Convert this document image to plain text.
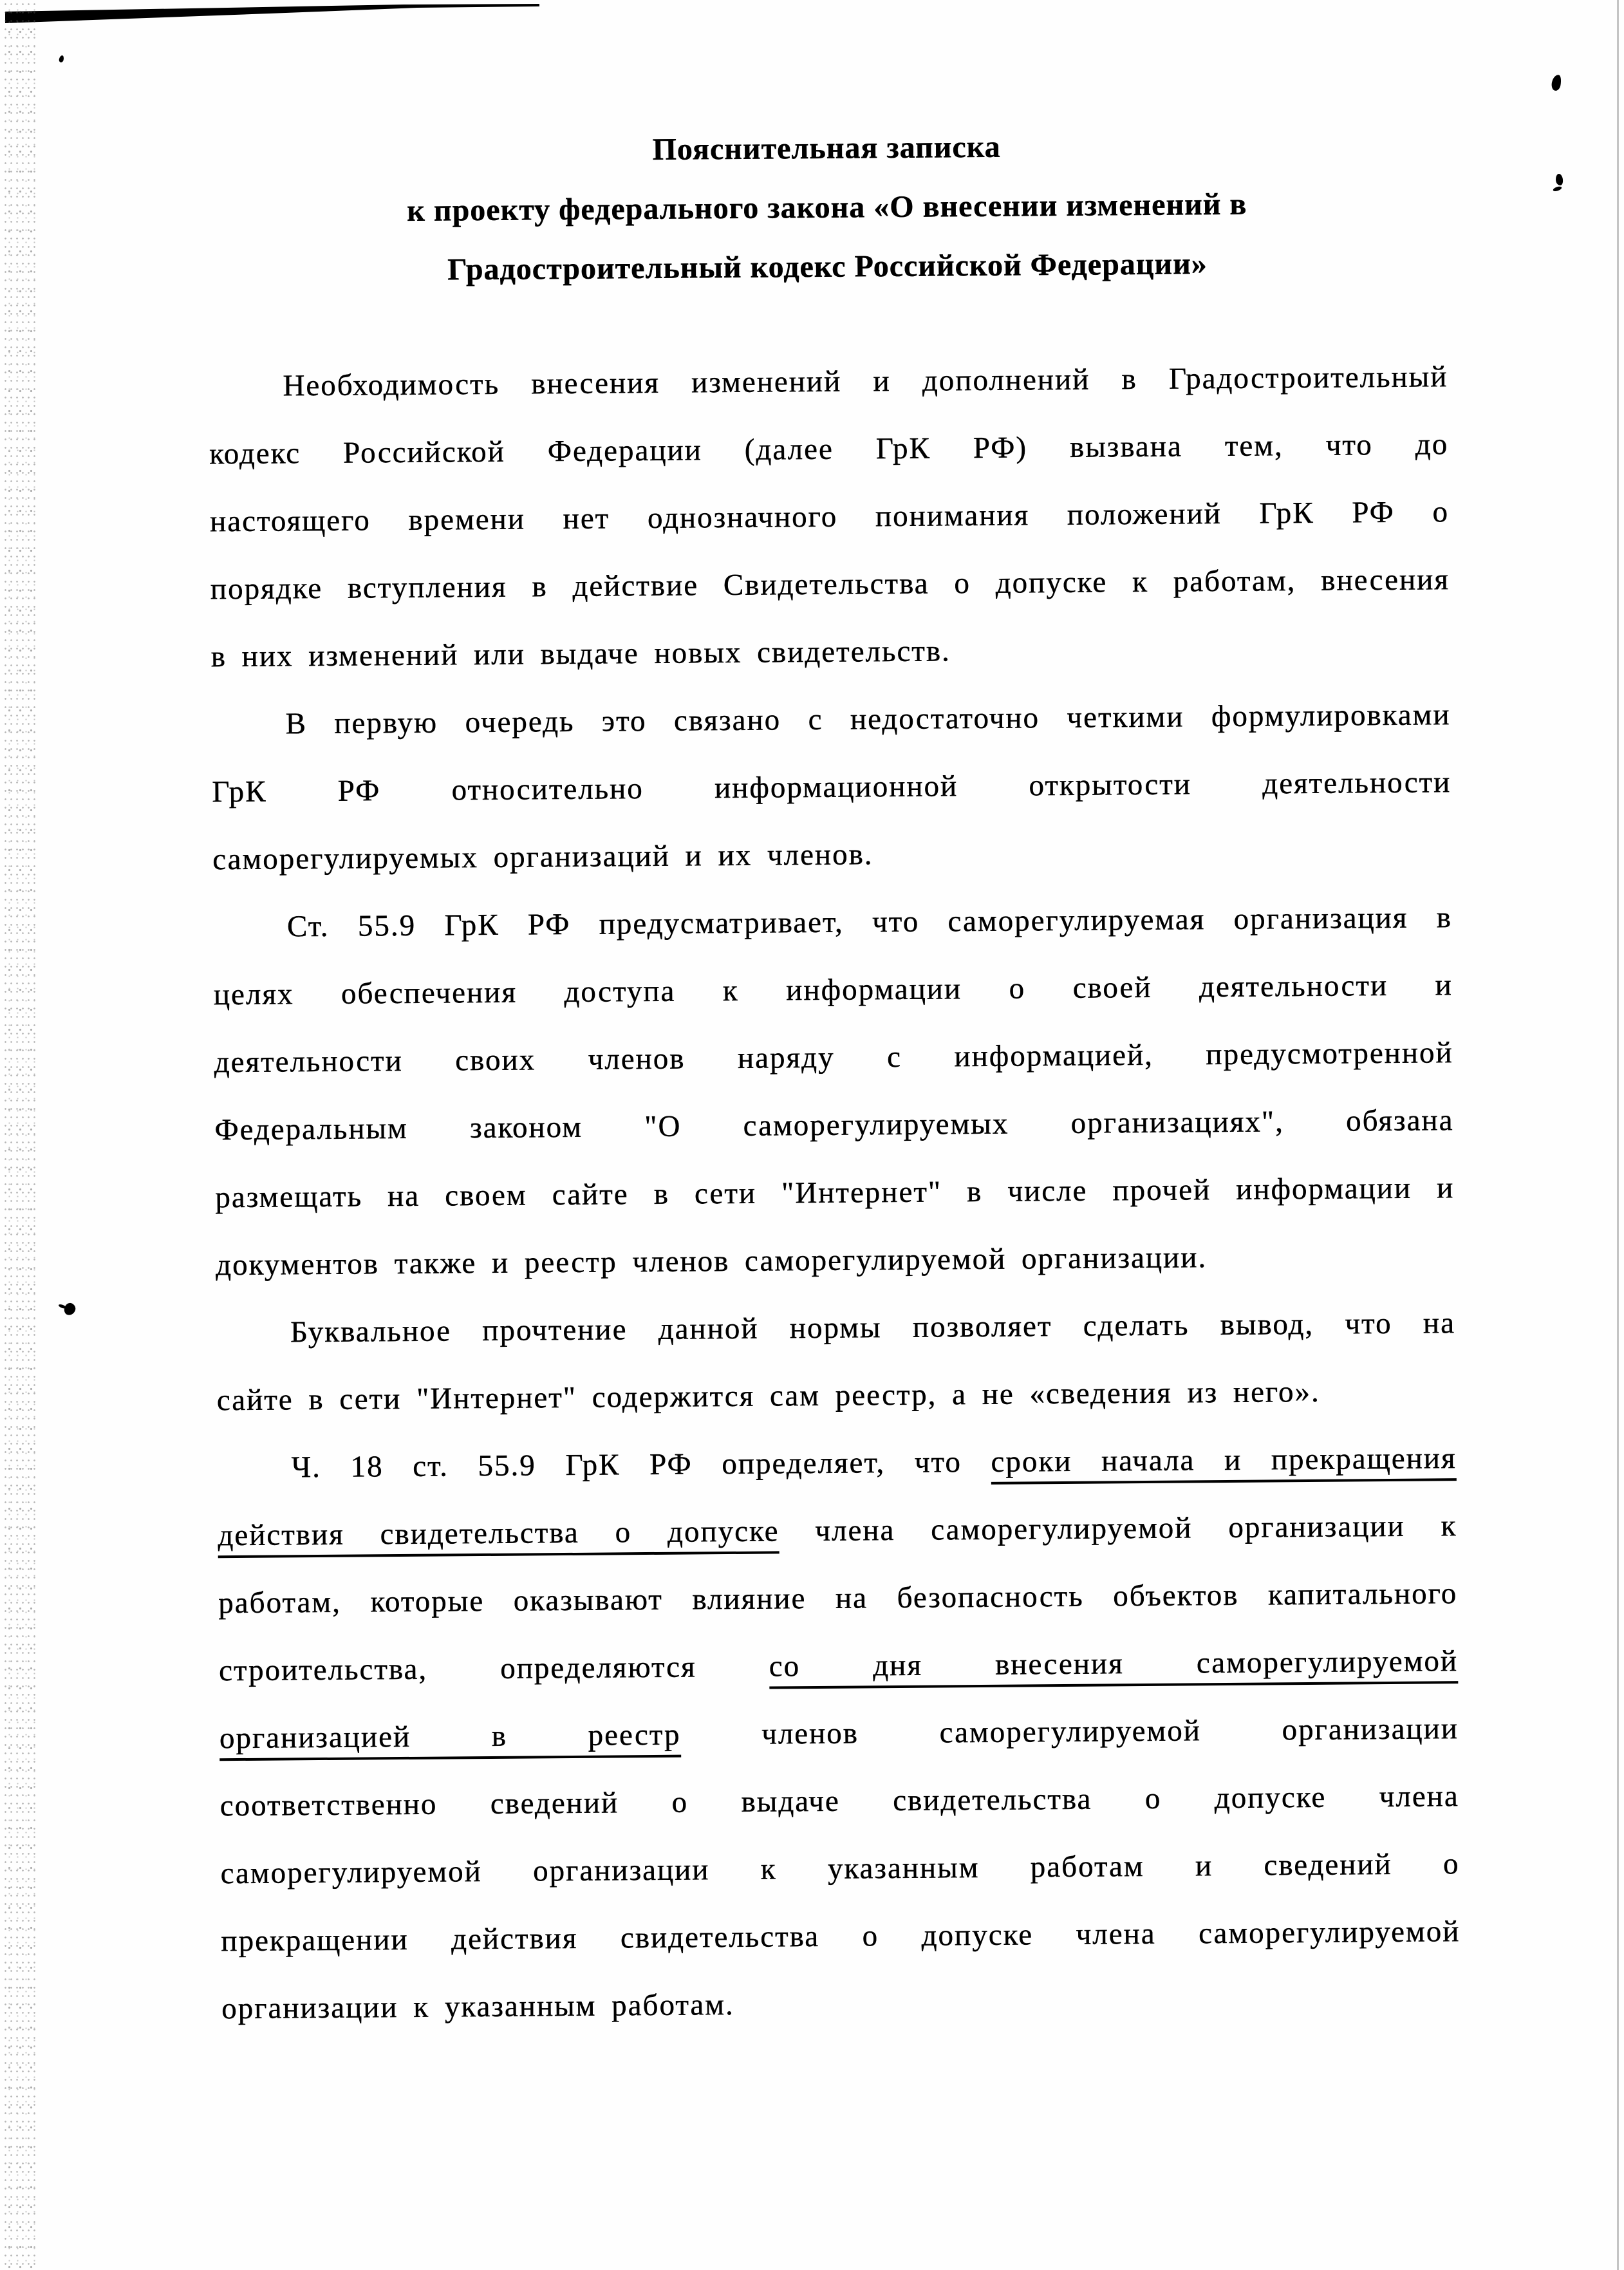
Пояснительная записка
к проекту федерального закона «О внесении изменений в
Градостроительный кодекс Российской Федерации»
Необходимость внесения изменений и дополнений в Градостроительный
кодекс Российской Федерации (далее ГрК РФ) вызвана тем, что до
настоящего времени нет однозначного понимания положений ГрК РФ о
порядке вступления в действие Свидетельства о допуске к работам, внесения
в них изменений или выдаче новых свидетельств.
В первую очередь это связано с недостаточно четкими формулировками
ГрК РФ относительно информационной открытости деятельности
саморегулируемых организаций и их членов.
Ст. 55.9 ГрК РФ предусматривает, что саморегулируемая организация в
целях обеспечения доступа к информации о своей деятельности и
деятельности своих членов наряду с информацией, предусмотренной
Федеральным законом "О саморегулируемых организациях", обязана
размещать на своем сайте в сети "Интернет" в числе прочей информации и
документов также и реестр членов саморегулируемой организации.
Буквальное прочтение данной нормы позволяет сделать вывод, что на
сайте в сети "Интернет" содержится сам реестр, а не «сведения из него».
Ч. 18 ст. 55.9 ГрК РФ определяет, что сроки начала и прекращения
действия свидетельства о допуске члена саморегулируемой организации к
работам, которые оказывают влияние на безопасность объектов капитального
строительства, определяются со дня внесения саморегулируемой
организацией в реестр членов саморегулируемой организации
соответственно сведений о выдаче свидетельства о допуске члена
саморегулируемой организации к указанным работам и сведений о
прекращении действия свидетельства о допуске члена саморегулируемой
организации к указанным работам.
